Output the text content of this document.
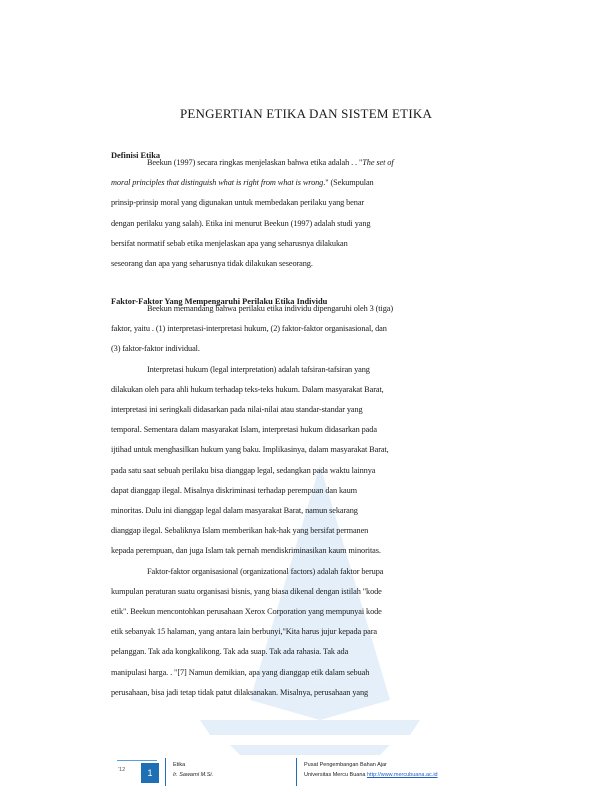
PENGERTIAN ETIKA DAN SISTEM ETIKA
Definisi Etika
Beekun (1997) secara ringkas menjelaskan bahwa etika adalah . . "The set of
moral principles that distinguish what is right from what is wrong." (Sekumpulan
prinsip-prinsip moral yang digunakan untuk membedakan perilaku yang benar
dengan perilaku yang salah). Etika ini menurut Beekun (1997) adalah studi yang
bersifat normatif sebab etika menjelaskan apa yang seharusnya dilakukan
seseorang dan apa yang seharusnya tidak dilakukan seseorang.
Faktor-Faktor Yang Mempengaruhi Perilaku Etika Individu
Beekun memandang bahwa perilaku etika individu dipengaruhi oleh 3 (tiga)
faktor, yaitu . (1) interpretasi-interpretasi hukum, (2) faktor-faktor organisasional, dan
(3) faktor-faktor individual.
Interpretasi hukum (legal interpretation) adalah tafsiran-tafsiran yang
dilakukan oleh para ahli hukum terhadap teks-teks hukum. Dalam masyarakat Barat,
interpretasi ini seringkali didasarkan pada nilai-nilai atau standar-standar yang
temporal. Sementara dalam masyarakat Islam, interpretasi hukum didasarkan pada
ijtihad untuk menghasilkan hukum yang baku. Implikasinya, dalam masyarakat Barat,
pada satu saat sebuah perilaku bisa dianggap legal, sedangkan pada waktu lainnya
dapat dianggap ilegal. Misalnya diskriminasi terhadap perempuan dan kaum
minoritas. Dulu ini dianggap legal dalam masyarakat Barat, namun sekarang
dianggap ilegal. Sebaliknya Islam memberikan hak-hak yang bersifat permanen
kepada perempuan, dan juga Islam tak pernah mendiskriminasikan kaum minoritas.
Faktor-faktor organisasional (organizational factors) adalah faktor berupa
kumpulan peraturan suatu organisasi bisnis, yang biasa dikenal dengan istilah "kode
etik". Beekun mencontohkan perusahaan Xerox Corporation yang mempunyai kode
etik sebanyak 15 halaman, yang antara lain berbunyi,"Kita harus jujur kepada para
pelanggan. Tak ada kongkalikong. Tak ada suap. Tak ada rahasia. Tak ada
manipulasi harga. . "[7] Namun demikian, apa yang dianggap etik dalam sebuah
perusahaan, bisa jadi tetap tidak patut dilaksanakan. Misalnya, perusahaan yang
'12 1
Etika
Ir. Sawarni M.Si.
Pusat Pengembangan Bahan Ajar
Universitas Mercu Buana http://www.mercubuana.ac.id
